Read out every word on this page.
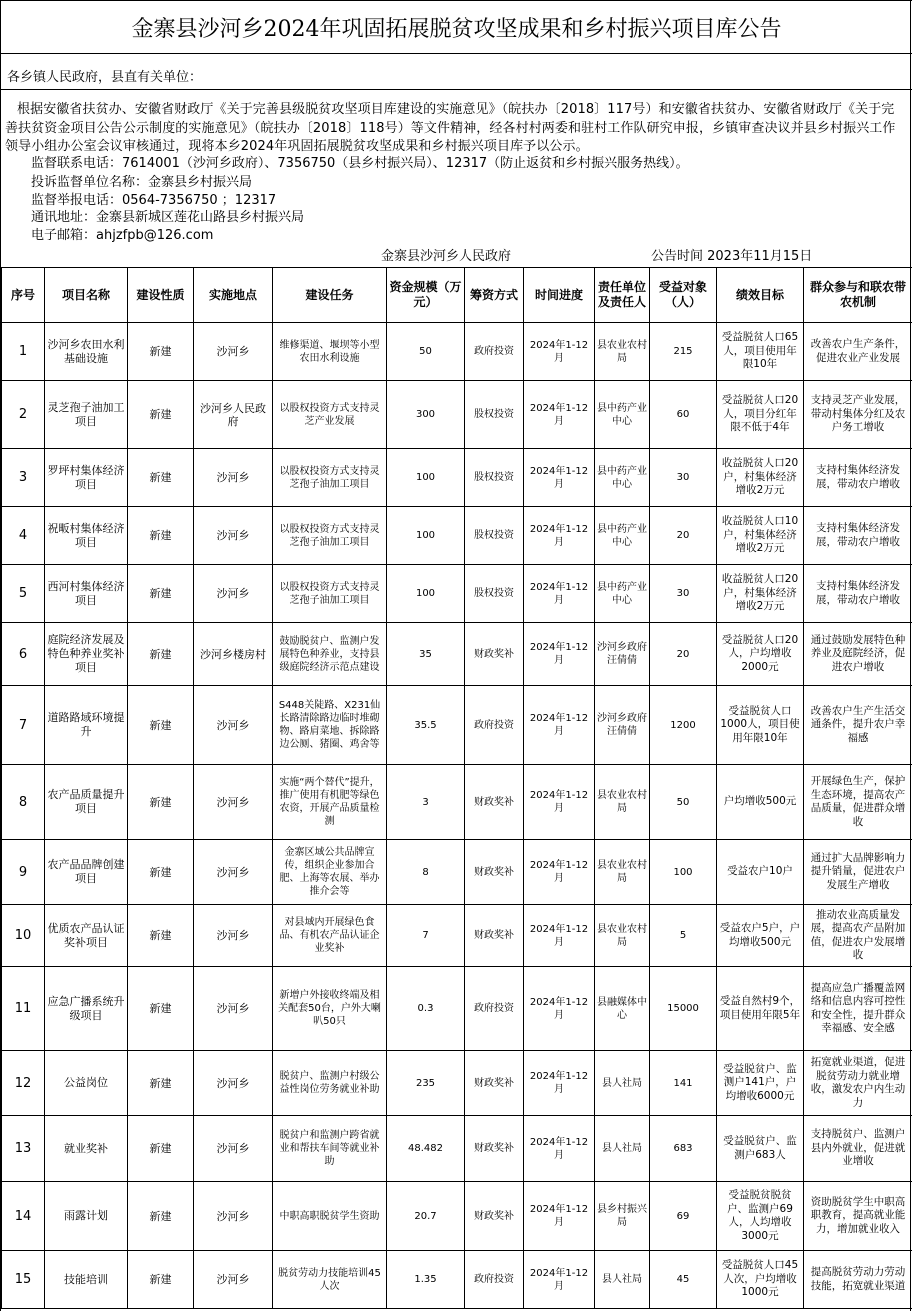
金寨县沙河乡2024年巩固拓展脱贫攻坚成果和乡村振兴项目库公告
各乡镇人民政府，县直有关单位：
根据安徽省扶贫办、安徽省财政厅《关于完善县级脱贫攻坚项目库建设的实施意见》（皖扶办〔2018〕117号）和安徽省扶贫办、安徽省财政厅《关于完善扶贫资金项目公告公示制度的实施意见》（皖扶办〔2018〕118号）等文件精神，经各村村两委和驻村工作队研究申报，乡镇审查决议并县乡村振兴工作领导小组办公室会议审核通过，现将本乡2024年巩固拓展脱贫攻坚成果和乡村振兴项目库予以公示。
监督联系电话：7614001（沙河乡政府）、7356750（县乡村振兴局）、12317（防止返贫和乡村振兴服务热线）。
投诉监督单位名称：金寨县乡村振兴局
监督举报电话：0564-7356750 ；12317
通讯地址：金寨县新城区莲花山路县乡村振兴局
电子邮箱：ahjzfpb@126.com
金寨县沙河乡人民政府	公告时间 2023年11月15日
序号	项目名称	建设性质	实施地点	建设任务	资金规模（万元）	筹资方式	时间进度	责任单位及责任人	受益对象（人）	绩效目标	群众参与和联农带农机制
1	沙河乡农田水利基础设施	新建	沙河乡	维修渠道、堰坝等小型农田水利设施	50	政府投资	2024年1-12月	县农业农村局	215	受益脱贫人口65人，项目使用年限10年	改善农户生产条件，促进农业产业发展
2	灵芝孢子油加工项目	新建	沙河乡人民政府	以股权投资方式支持灵芝产业发展	300	股权投资	2024年1-12月	县中药产业中心	60	受益脱贫人口20人，项目分红年限不低于4年	支持灵芝产业发展，带动村集体分红及农户务工增收
3	罗坪村集体经济项目	新建	沙河乡	以股权投资方式支持灵芝孢子油加工项目	100	股权投资	2024年1-12月	县中药产业中心	30	收益脱贫人口20户，村集体经济增收2万元	支持村集体经济发展，带动农户增收
4	祝畈村集体经济项目	新建	沙河乡	以股权投资方式支持灵芝孢子油加工项目	100	股权投资	2024年1-12月	县中药产业中心	20	收益脱贫人口10户，村集体经济增收2万元	支持村集体经济发展，带动农户增收
5	西河村集体经济项目	新建	沙河乡	以股权投资方式支持灵芝孢子油加工项目	100	股权投资	2024年1-12月	县中药产业中心	30	收益脱贫人口20户，村集体经济增收2万元	支持村集体经济发展，带动农户增收
6	庭院经济发展及特色种养业奖补项目	新建	沙河乡楼房村	鼓励脱贫户、监测户发展特色种养业，支持县级庭院经济示范点建设	35	财政奖补	2024年1-12月	沙河乡政府汪倩倩	20	受益脱贫人口20人，户均增收2000元	通过鼓励发展特色种养业及庭院经济，促进农户增收
7	道路路域环境提升	新建	沙河乡	S448关陡路、X231仙长路清除路边临时堆砌物、路肩菜地、拆除路边公厕、猪圈、鸡舍等	35.5	政府投资	2024年1-12月	沙河乡政府汪倩倩	1200	受益脱贫人口1000人，项目使用年限10年	改善农户生产生活交通条件，提升农户幸福感
8	农产品质量提升项目	新建	沙河乡	实施“两个替代”提升，推广使用有机肥等绿色农资，开展产品质量检测	3	财政奖补	2024年1-12月	县农业农村局	50	户均增收500元	开展绿色生产，保护生态环境，提高农产品质量，促进群众增收
9	农产品品牌创建项目	新建	沙河乡	金寨区域公共品牌宣传，组织企业参加合肥、上海等农展、举办推介会等	8	财政奖补	2024年1-12月	县农业农村局	100	受益农户10户	通过扩大品牌影响力提升销量，促进农户发展生产增收
10	优质农产品认证奖补项目	新建	沙河乡	对县域内开展绿色食品、有机农产品认证企业奖补	7	财政奖补	2024年1-12月	县农业农村局	5	受益农户5户，户均增收500元	推动农业高质量发展，提高农产品附加值，促进农户发展增收
11	应急广播系统升级项目	新建	沙河乡	新增户外接收终端及相关配套50台，户外大喇叭50只	0.3	政府投资	2024年1-12月	县融媒体中心	15000	受益自然村9个，项目使用年限5年	提高应急广播覆盖网络和信息内容可控性和安全性，提升群众幸福感、安全感
12	公益岗位	新建	沙河乡	脱贫户、监测户村级公益性岗位劳务就业补助	235	财政奖补	2024年1-12月	县人社局	141	受益脱贫户、监测户141户，户均增收6000元	拓宽就业渠道，促进脱贫劳动力就业增收，激发农户内生动力
13	就业奖补	新建	沙河乡	脱贫户和监测户跨省就业和帮扶车间等就业补助	48.482	财政奖补	2024年1-12月	县人社局	683	受益脱贫户、监测户683人	支持脱贫户、监测户县内外就业，促进就业增收
14	雨露计划	新建	沙河乡	中职高职脱贫学生资助	20.7	财政奖补	2024年1-12月	县乡村振兴局	69	受益脱贫脱贫户、监测户69人，人均增收3000元	资助脱贫学生中职高职教育，提高就业能力，增加就业收入
15	技能培训	新建	沙河乡	脱贫劳动力技能培训45人次	1.35	政府投资	2024年1-12月	县人社局	45	受益脱贫人口45人次，户均增收1000元	提高脱贫劳动力劳动技能，拓宽就业渠道
